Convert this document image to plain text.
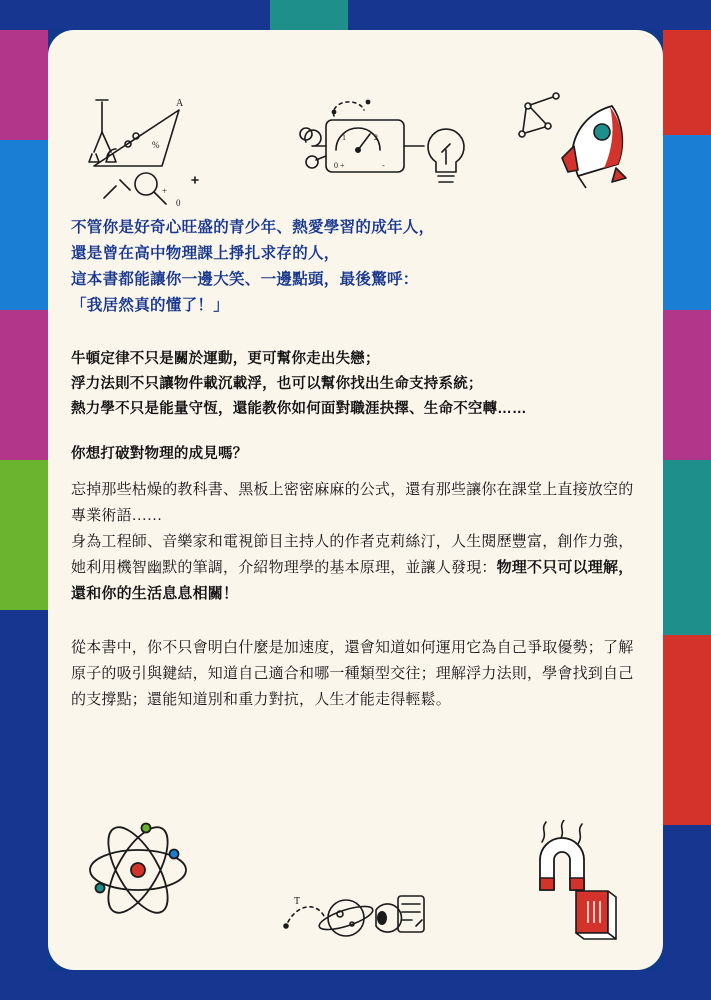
A
%
+
0
1	2
0 +	-

不管你是好奇心旺盛的青少年、熱愛學習的成年人，

還是曾在高中物理課上掙扎求存的人，

這本書都能讓你一邊大笑、一邊點頭，最後驚呼：

「我居然真的懂了！」

牛頓定律不只是關於運動，更可幫你走出失戀；

浮力法則不只讓物件載沉載浮，也可以幫你找出生命支持系統；

熱力學不只是能量守恆，還能教你如何面對職涯抉擇、生命不空轉……

你想打破對物理的成見嗎？

忘掉那些枯燥的教科書、黑板上密密麻麻的公式，還有那些讓你在課堂上直接放空的專業術語……

身為工程師、音樂家和電視節目主持人的作者克莉絲汀，人生閱歷豐富，創作力強，她利用機智幽默的筆調，介紹物理學的基本原理，並讓人發現：物理不只可以理解，還和你的生活息息相關！

從本書中，你不只會明白什麼是加速度，還會知道如何運用它為自己爭取優勢；了解原子的吸引與鍵結，知道自己適合和哪一種類型交往；理解浮力法則，學會找到自己的支撐點；還能知道別和重力對抗，人生才能走得輕鬆。

T
